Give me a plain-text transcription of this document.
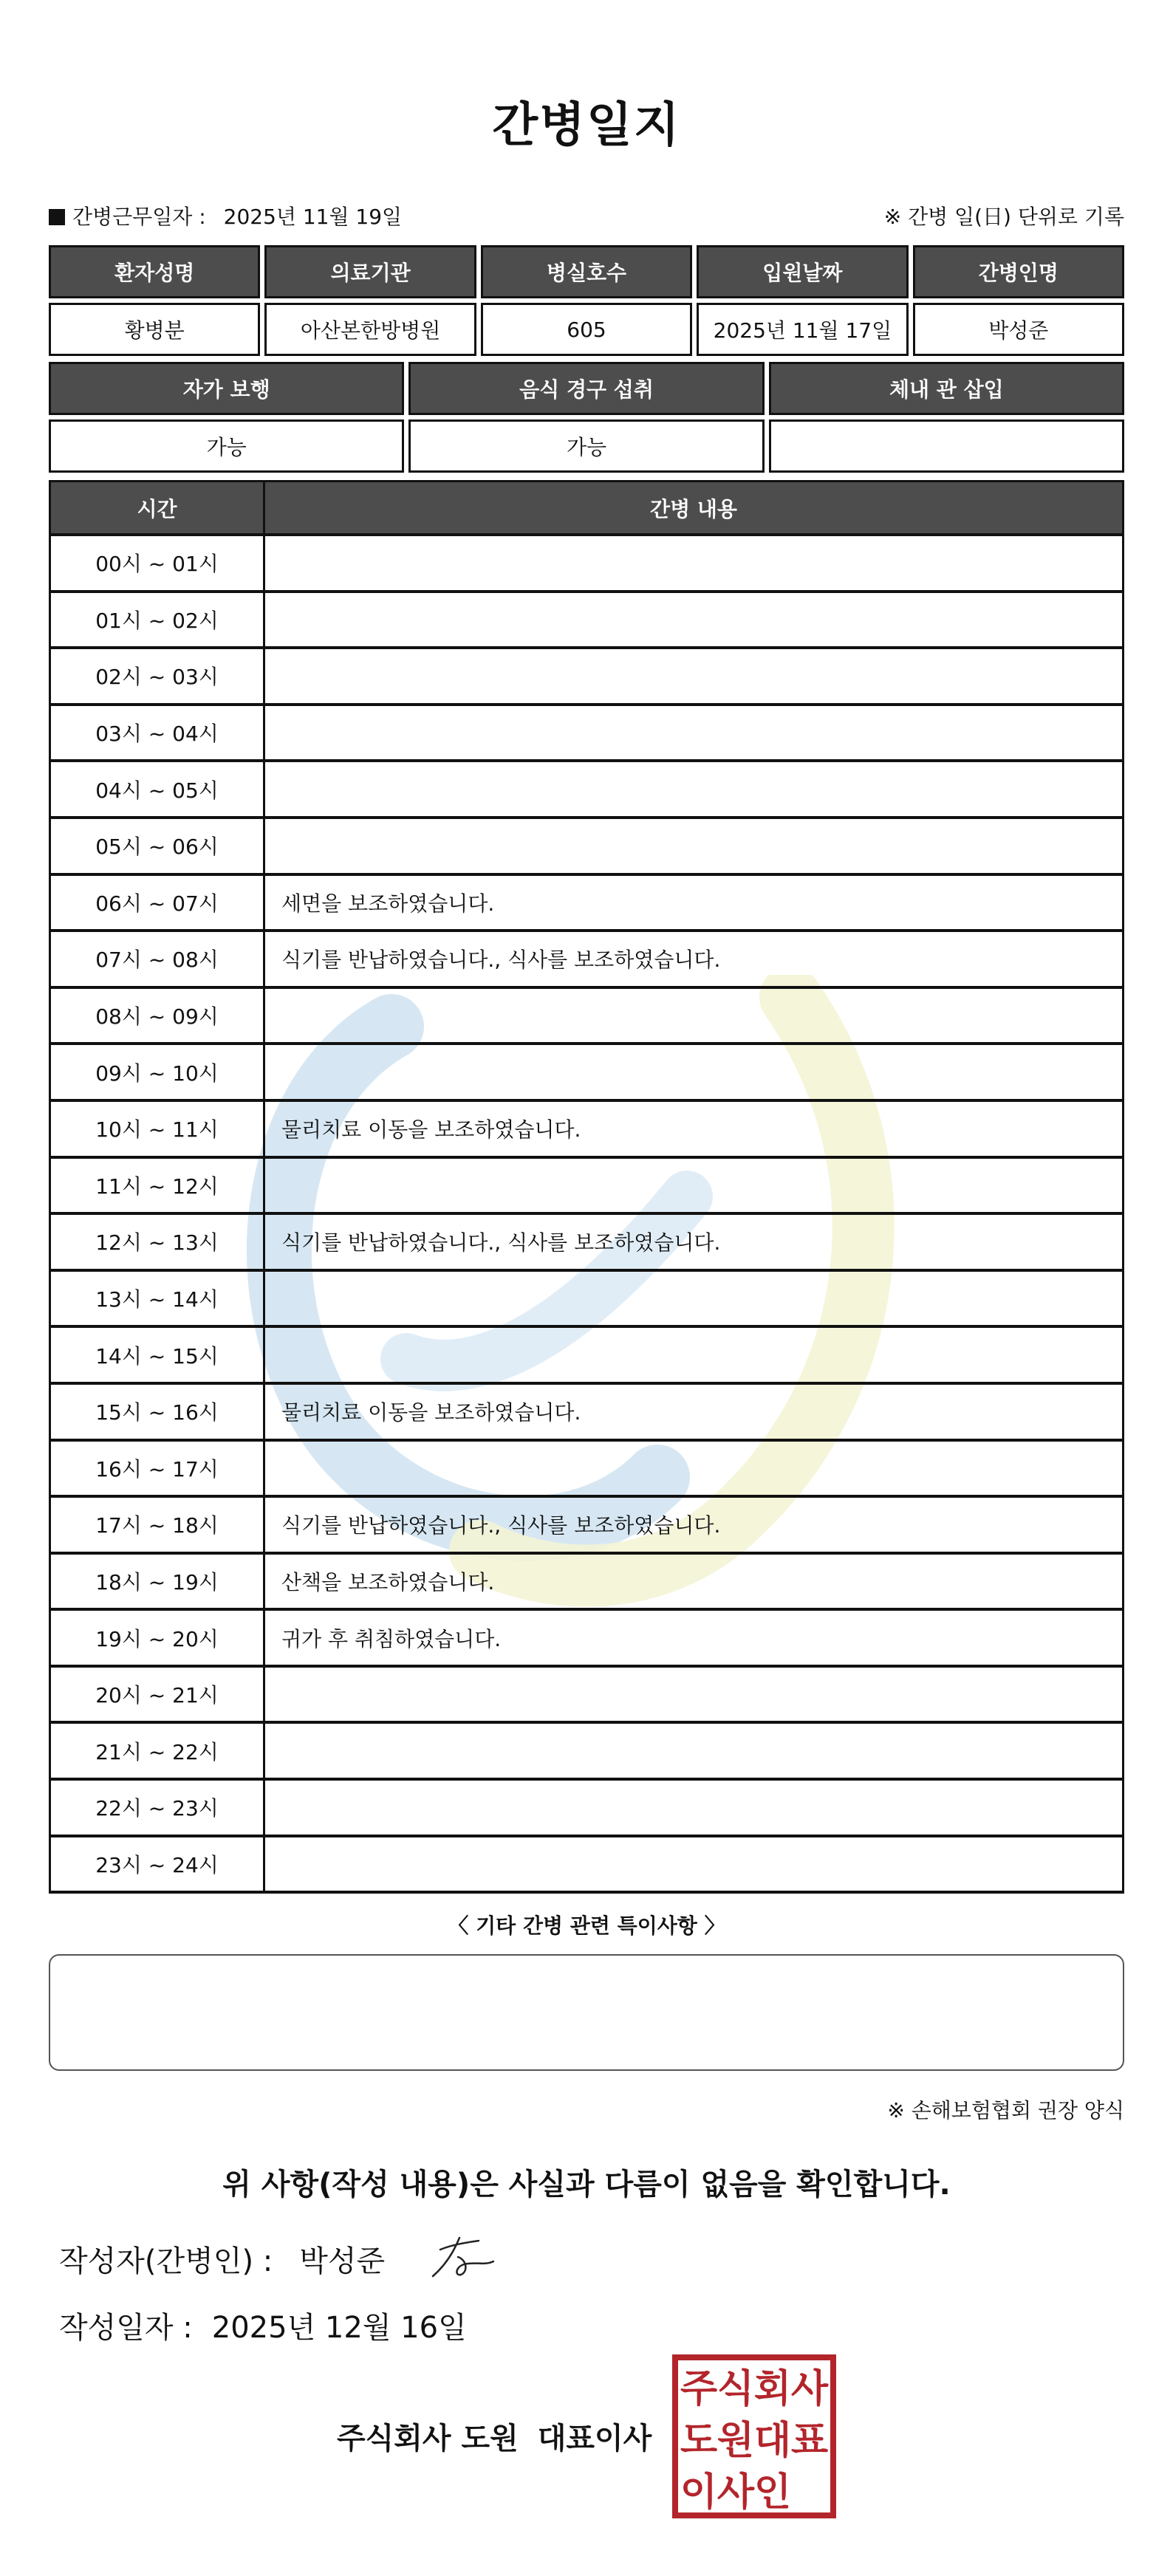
간병일지
간병근무일자 : 2025년 11월 19일	※ 간병 일(日) 단위로 기록
환자성명	의료기관	병실호수	입원날짜	간병인명
황병분	아산본한방병원	605	2025년 11월 17일	박성준
자가 보행	음식 경구 섭취	체내 관 삽입
가능	가능
시간	간병 내용
00시 ~ 01시
01시 ~ 02시
02시 ~ 03시
03시 ~ 04시
04시 ~ 05시
05시 ~ 06시
06시 ~ 07시	세면을 보조하였습니다.
07시 ~ 08시	식기를 반납하였습니다., 식사를 보조하였습니다.
08시 ~ 09시
09시 ~ 10시
10시 ~ 11시	물리치료 이동을 보조하였습니다.
11시 ~ 12시
12시 ~ 13시	식기를 반납하였습니다., 식사를 보조하였습니다.
13시 ~ 14시
14시 ~ 15시
15시 ~ 16시	물리치료 이동을 보조하였습니다.
16시 ~ 17시
17시 ~ 18시	식기를 반납하였습니다., 식사를 보조하였습니다.
18시 ~ 19시	산책을 보조하였습니다.
19시 ~ 20시	귀가 후 취침하였습니다.
20시 ~ 21시
21시 ~ 22시
22시 ~ 23시
23시 ~ 24시
〈 기타 간병 관련 특이사항 〉
※ 손해보험협회 권장 양식
위 사항(작성 내용)은 사실과 다름이 없음을 확인합니다.
작성자(간병인) : 박성준
작성일자 : 2025년 12월 16일
주식회사 도원 대표이사
주 식 회 사
도 원 대 표
이 사 인
